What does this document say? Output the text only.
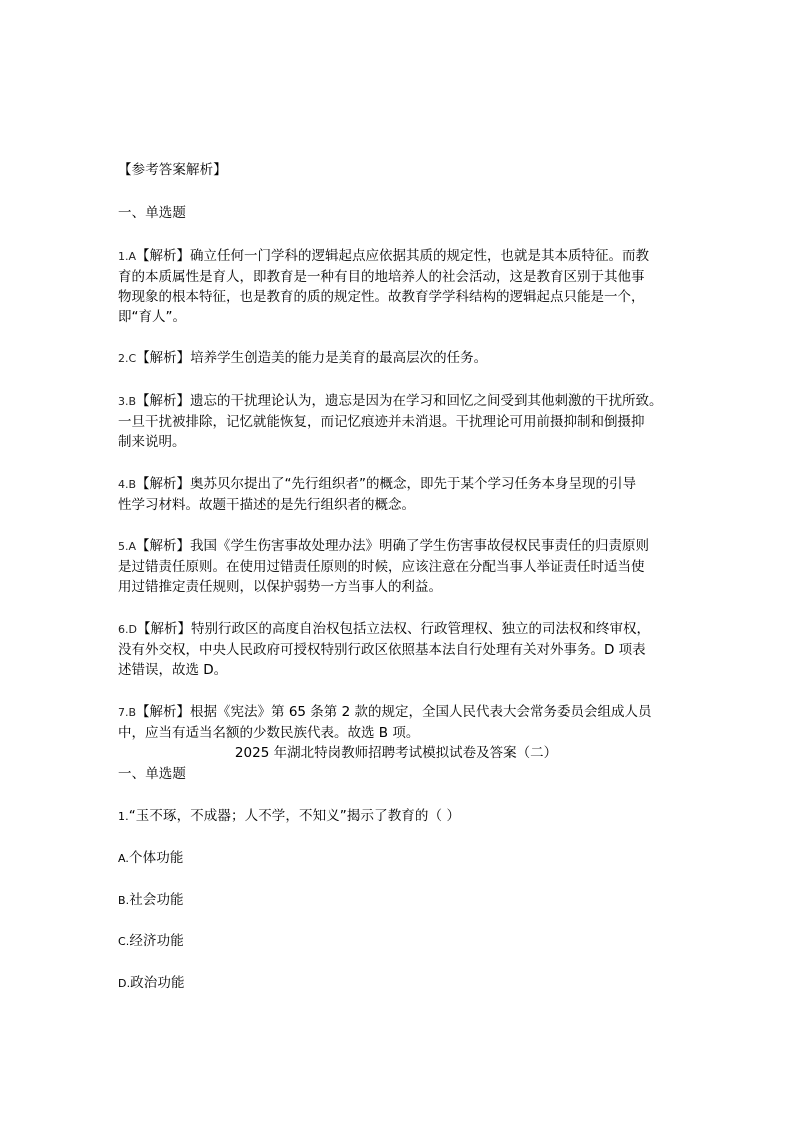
【参考答案解析】
一、单选题
1.A【解析】确立任何一门学科的逻辑起点应依据其质的规定性，也就是其本质特征。而教
育的本质属性是育人，即教育是一种有目的地培养人的社会活动，这是教育区别于其他事
物现象的根本特征，也是教育的质的规定性。故教育学学科结构的逻辑起点只能是一个，
即“育人”。
2.C【解析】培养学生创造美的能力是美育的最高层次的任务。
3.B【解析】遗忘的干扰理论认为，遗忘是因为在学习和回忆之间受到其他刺激的干扰所致。
一旦干扰被排除，记忆就能恢复，而记忆痕迹并未消退。干扰理论可用前摄抑制和倒摄抑
制来说明。
4.B【解析】奥苏贝尔提出了“先行组织者”的概念，即先于某个学习任务本身呈现的引导
性学习材料。故题干描述的是先行组织者的概念。
5.A【解析】我国《学生伤害事故处理办法》明确了学生伤害事故侵权民事责任的归责原则
是过错责任原则。在使用过错责任原则的时候，应该注意在分配当事人举证责任时适当使
用过错推定责任规则，以保护弱势一方当事人的利益。
6.D【解析】特别行政区的高度自治权包括立法权、行政管理权、独立的司法权和终审权，
没有外交权，中央人民政府可授权特别行政区依照基本法自行处理有关对外事务。D 项表
述错误，故选 D。
7.B【解析】根据《宪法》第 65 条第 2 款的规定，全国人民代表大会常务委员会组成人员
中，应当有适当名额的少数民族代表。故选 B 项。
2025 年湖北特岗教师招聘考试模拟试卷及答案（二）
一、单选题
1.“玉不琢，不成器；人不学，不知义”揭示了教育的（ ）
A.个体功能
B.社会功能
C.经济功能
D.政治功能
